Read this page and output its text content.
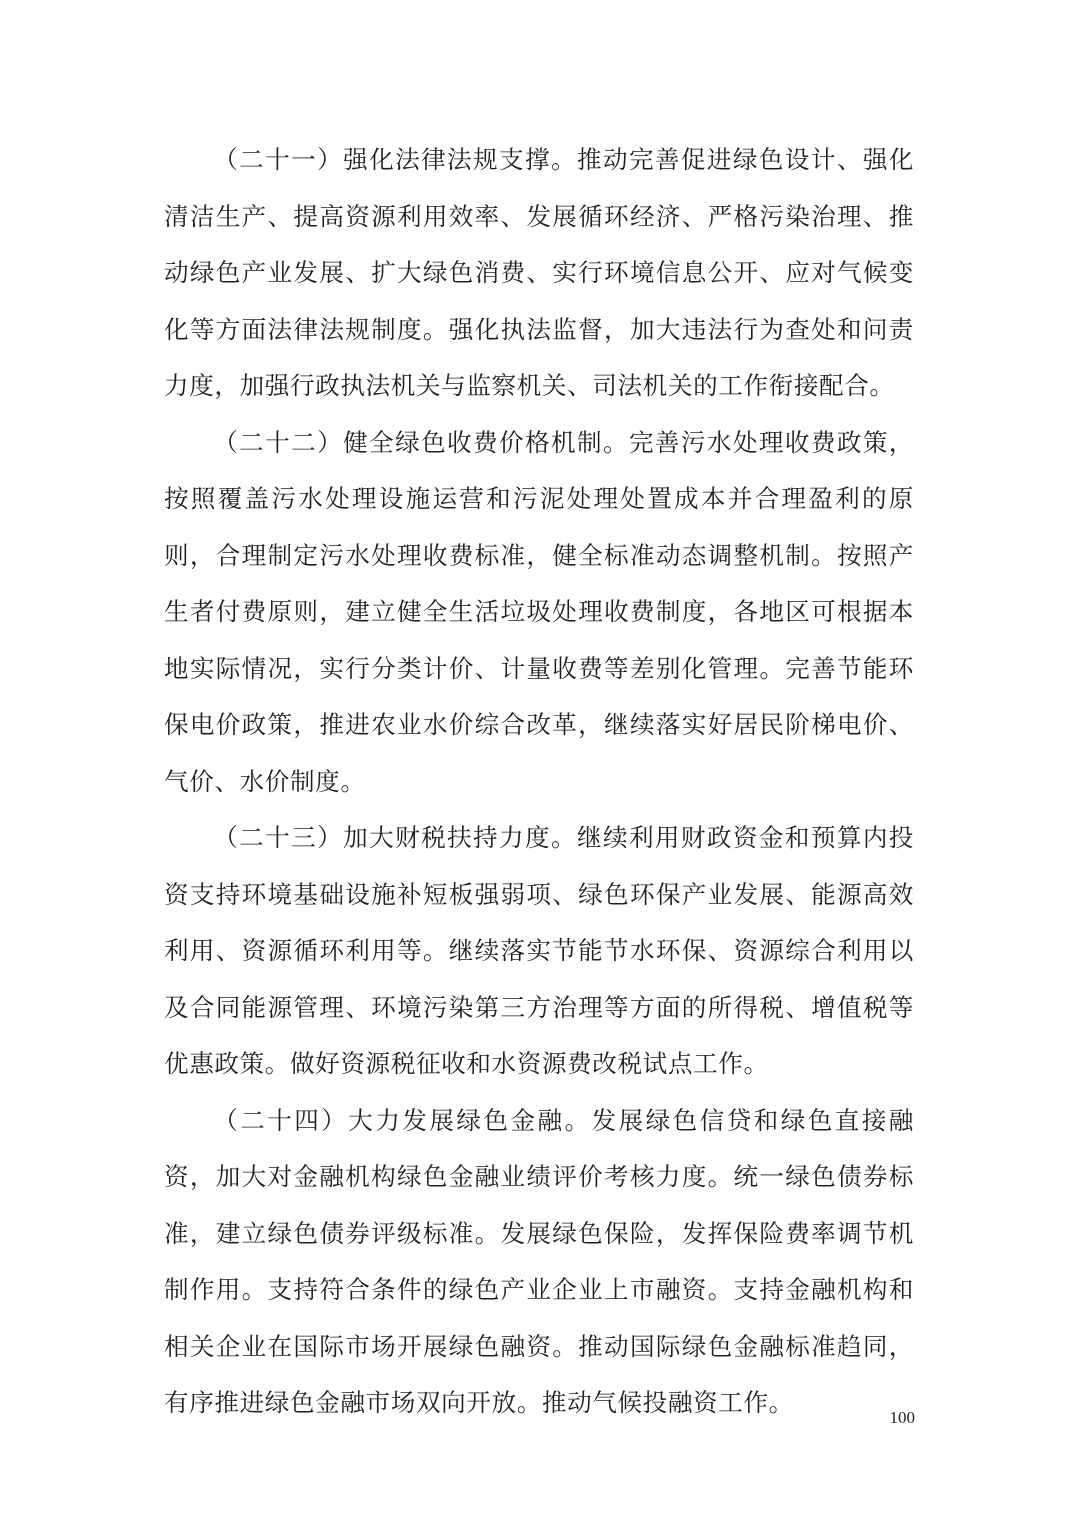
（二十一）强化法律法规支撑。推动完善促进绿色设计、强化清洁生产、提高资源利用效率、发展循环经济、严格污染治理、推动绿色产业发展、扩大绿色消费、实行环境信息公开、应对气候变化等方面法律法规制度。强化执法监督，加大违法行为查处和问责力度，加强行政执法机关与监察机关、司法机关的工作衔接配合。

（二十二）健全绿色收费价格机制。完善污水处理收费政策，按照覆盖污水处理设施运营和污泥处理处置成本并合理盈利的原则，合理制定污水处理收费标准，健全标准动态调整机制。按照产生者付费原则，建立健全生活垃圾处理收费制度，各地区可根据本地实际情况，实行分类计价、计量收费等差别化管理。完善节能环保电价政策，推进农业水价综合改革，继续落实好居民阶梯电价、气价、水价制度。

（二十三）加大财税扶持力度。继续利用财政资金和预算内投资支持环境基础设施补短板强弱项、绿色环保产业发展、能源高效利用、资源循环利用等。继续落实节能节水环保、资源综合利用以及合同能源管理、环境污染第三方治理等方面的所得税、增值税等优惠政策。做好资源税征收和水资源费改税试点工作。

（二十四）大力发展绿色金融。发展绿色信贷和绿色直接融资，加大对金融机构绿色金融业绩评价考核力度。统一绿色债券标准，建立绿色债券评级标准。发展绿色保险，发挥保险费率调节机制作用。支持符合条件的绿色产业企业上市融资。支持金融机构和相关企业在国际市场开展绿色融资。推动国际绿色金融标准趋同，有序推进绿色金融市场双向开放。推动气候投融资工作。

100
